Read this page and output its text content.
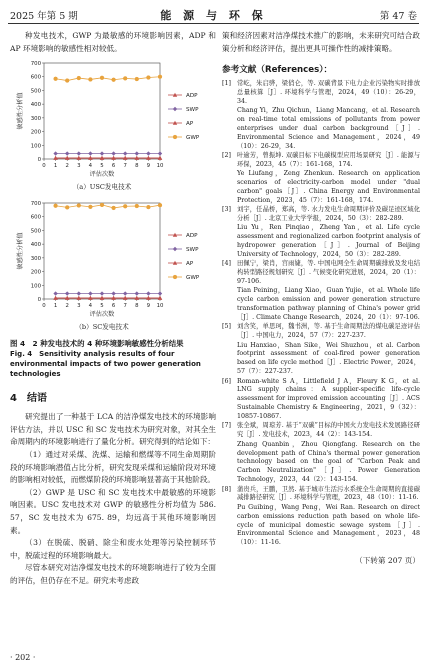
2025 年第 5 期	能 源 与 环 保	第 47 卷

种发电技术，GWP 为最敏感的环境影响因素，ADP 和 AP 环境影响的敏感性相对较低。

0
100
200
300
400
500
600
700
0 1 2 3 4 5 6 7 8 9 10
评估次数
敏感性分析值
（a）USC发电技术
ADP
SWP
AP
GWP
0
100
200
300
400
500
600
700
0 1 2 3 4 5 6 7 8 9 10
评估次数
敏感性分析值
（b）SC发电技术
ADP
SWP
AP
GWP

图 4　2 种发电技术的 4 种环境影响敏感性分析结果

Fig. 4　Sensitivity analysis results of four environmental impacts of two power generation technologies

4　结语

研究提出了一种基于 LCA 的洁净煤发电技术的环境影响评估方法，并以 USC 和 SC 发电技术为研究对象，对其全生命周期内的环境影响进行了量化分析。研究得到的结论如下：

（1）通过对采煤、洗煤、运输和燃煤等不同生命周期阶段的环境影响潜值占比分析，研究发现采煤和运输阶段对环境的影响相对较低，而燃煤阶段的环境影响显著高于其他阶段。

（2）GWP 是 USC 和 SC 发电技术中最敏感的环境影响因素。USC 发电技术对 GWP 的敏感性分析均值为 586. 57，SC 发电技术为 675. 89，均远高于其他环境影响因素。

（3）在脱硫、脱硝、除尘和废水处理等污染控制环节中，脱硫过程的环境影响最大。

尽管本研究对洁净煤发电技术的环境影响进行了较为全面的评估，但仍存在不足。研究未考虑政

策和经济因素对洁净煤技术推广的影响，未来研究可结合政策分析和经济评估，提出更具可操作性的减排策略。

参考文献（References）：
[1] 常屹，朱启骅，梁俏仑，等. 双碳背景下电力企业污染物实时排放总量核算［J］. 环境科学与管理，2024，49（10）：26-29，34.
Chang Yi，Zhu Qichun，Liang Mancang，et al. Research on real-time total emissions of pollutants from power enterprises under dual carbon background［J］. Environmental Science and Management，2024，49（10）：26-29，34.
[2] 叶逾芳，曾振坤. 双碳目标下电碳模型应用场景研究［J］. 能源与环保，2023，45（7）：161-168，174.
Ye Liufang，Zeng Zhenkun. Research on application scenarios of electricity-carbon model under "dual carbon" goals［J］. China Energy and Environmental Protection，2023，45（7）：161-168，174.
[3] 刘宇，任晶桥，郑高，等. 水力发电生命周期评价及碳足迹区域化分析［J］. 北京工业大学学报，2024，50（3）：282-289.
Liu Yu，Ren Pinqiao，Zheng Yan，et al. Life cycle assessment and regionalized carbon footprint analysis of hydropower generation［J］. Journal of Beijing University of Technology，2024，50（3）：282-289.
[4] 田佩宁，梁肖，宫雨婕，等. 中国电网全生命周期碳排放及发电结构转型路径规划研究［J］. 气候变化研究进展，2024，20（1）：97-106.
Tian Peining，Liang Xiao，Guan Yujie，et al. Whole life cycle carbon emission and power generation structure transformation pathway planning of China's power grid［J］. Climate Change Research，2024，20（1）：97-106.
[5] 刘含笑，单思珂，魏书洲，等. 基于生命周期法的煤电碳足迹评估［J］. 中国电力，2024，57（7）：227-237.
Liu Hanxiao，Shan Sike，Wei Shuzhou，et al. Carbon footprint assessment of coal-fired power generation based on life cycle method［J］. Electric Power，2024，57（7）：227-237.
[6] Roman-white S A，Littlefield J A，Fleury K G，et al. LNG supply chains：A supplier-specific life-cycle assessment for improved emission accounting［J］. ACS Sustainable Chemistry & Engineering，2021，9（32）：10857-10867.
[7] 张全斌，周琼芳. 基于“双碳”目标的中国火力发电技术发展路径研究［J］. 发电技术，2023，44（2）：143-154.
Zhang Quanbin，Zhou Qiongfang. Research on the development path of China's thermal power generation technology based on the goal of "Carbon Peak and Carbon Neutralization"［J］. Power Generation Technology，2023，44（2）：143-154.
[8] 蒲贵兵，王鹏，卫然. 基于城市生活污水系统全生命周期的直接碳减排路径研究［J］. 环境科学与管理，2023，48（10）：11-16.
Pu Guibing，Wang Peng，Wei Ran. Research on direct carbon emissions reduction path based on whole life-cycle of municipal domestic sewage system［J］. Environmental Science and Management，2023，48（10）：11-16.

（下转第 207 页）

· 202 ·
